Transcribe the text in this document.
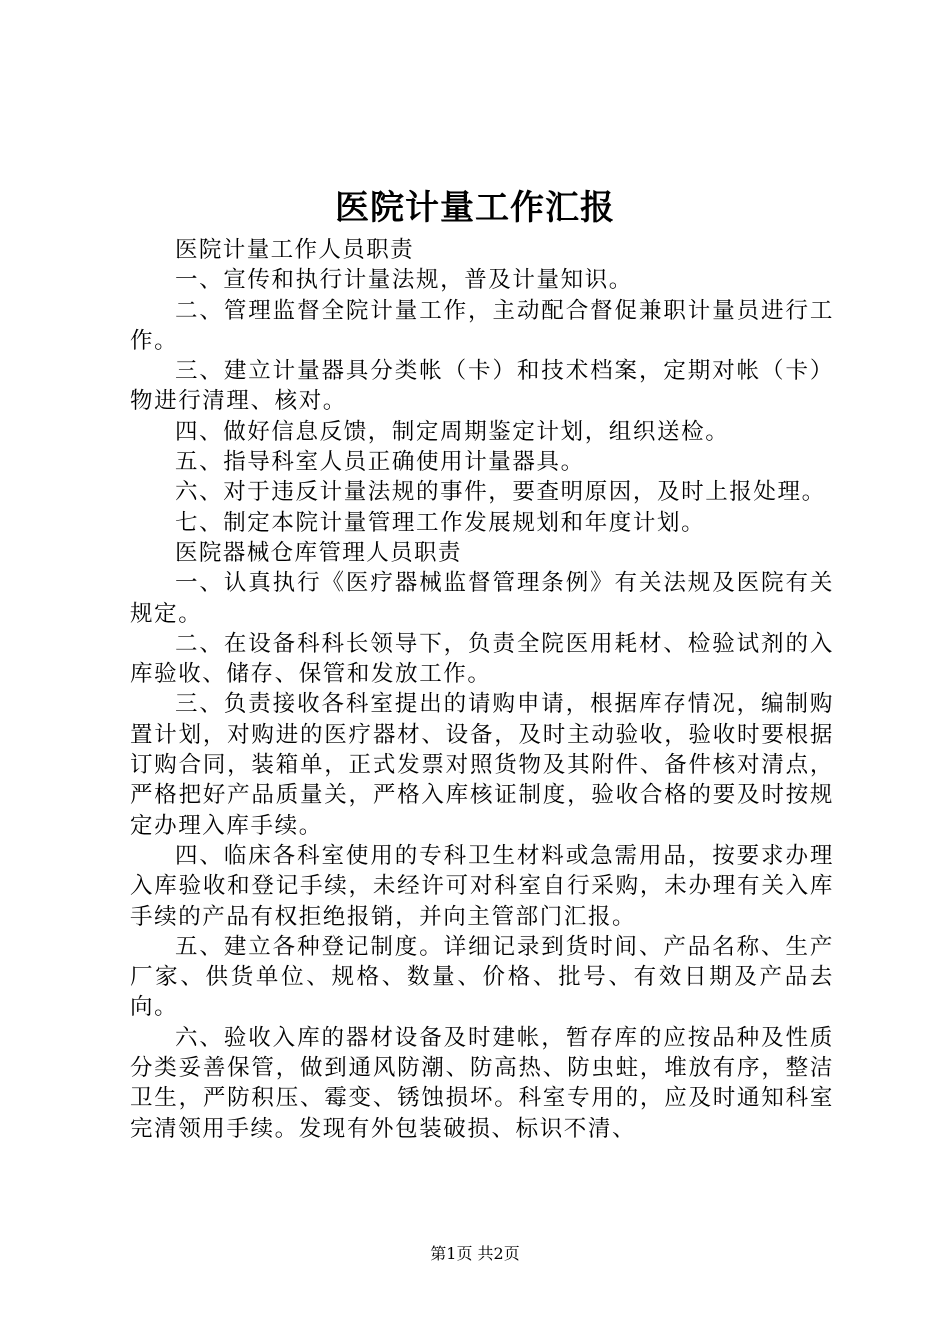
医院计量工作汇报

医院计量工作人员职责

一、宣传和执行计量法规，普及计量知识。

二、管理监督全院计量工作，主动配合督促兼职计量员进行工作。

三、建立计量器具分类帐（卡）和技术档案，定期对帐（卡）物进行清理、核对。

四、做好信息反馈，制定周期鉴定计划，组织送检。

五、指导科室人员正确使用计量器具。

六、对于违反计量法规的事件，要查明原因，及时上报处理。

七、制定本院计量管理工作发展规划和年度计划。

医院器械仓库管理人员职责

一、认真执行《医疗器械监督管理条例》有关法规及医院有关规定。

二、在设备科科长领导下，负责全院医用耗材、检验试剂的入库验收、储存、保管和发放工作。

三、负责接收各科室提出的请购申请，根据库存情况，编制购置计划，对购进的医疗器材、设备，及时主动验收，验收时要根据订购合同，装箱单，正式发票对照货物及其附件、备件核对清点，严格把好产品质量关，严格入库核证制度，验收合格的要及时按规定办理入库手续。

四、临床各科室使用的专科卫生材料或急需用品，按要求办理入库验收和登记手续，未经许可对科室自行采购，未办理有关入库手续的产品有权拒绝报销，并向主管部门汇报。

五、建立各种登记制度。详细记录到货时间、产品名称、生产厂家、供货单位、规格、数量、价格、批号、有效日期及产品去向。

六、验收入库的器材设备及时建帐，暂存库的应按品种及性质分类妥善保管，做到通风防潮、防高热、防虫蛀，堆放有序，整洁卫生，严防积压、霉变、锈蚀损坏。科室专用的，应及时通知科室完清领用手续。发现有外包装破损、标识不清、

第1页 共2页
